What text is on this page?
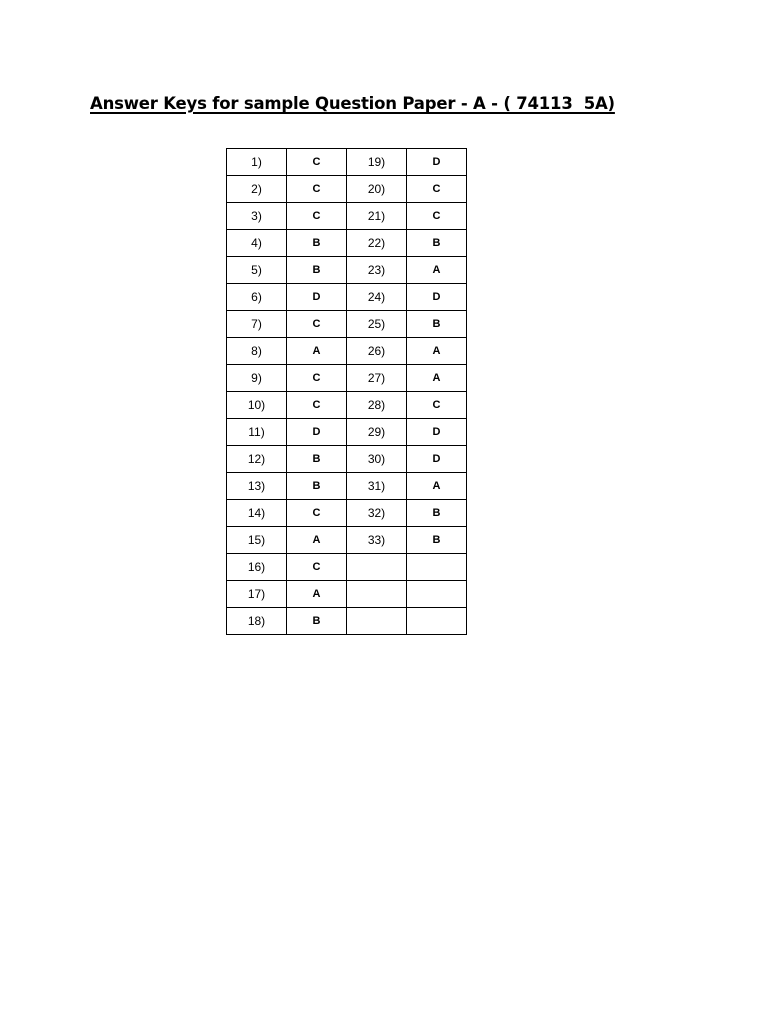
Answer Keys for sample Question Paper - A - ( 74113  5A)
1)	C	19)	D
2)	C	20)	C
3)	C	21)	C
4)	B	22)	B
5)	B	23)	A
6)	D	24)	D
7)	C	25)	B
8)	A	26)	A
9)	C	27)	A
10)	C	28)	C
11)	D	29)	D
12)	B	30)	D
13)	B	31)	A
14)	C	32)	B
15)	A	33)	B
16)	C		
17)	A		
18)	B		
